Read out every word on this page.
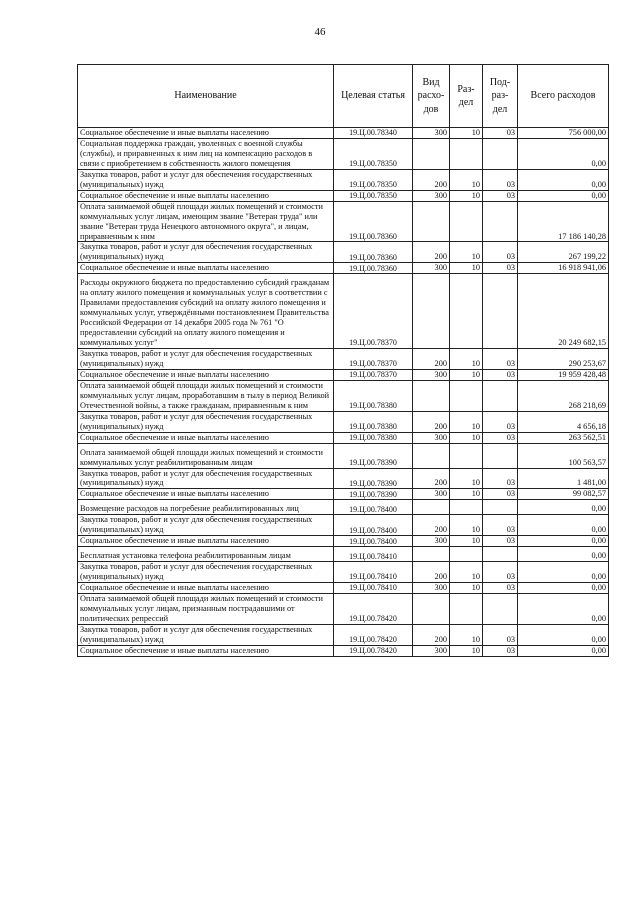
46
Наименование	Целевая статья	Вид расхо-дов	Раз-дел	Под-раз-дел	Всего расходов
Социальное обеспечение и иные выплаты населению	19.Ц.00.78340	300	10	03	756 000,00
Социальная поддержка граждан, уволенных с военной службы (службы), и приравненных к ним лиц на компенсацию расходов в связи с приобретением в собственность жилого помещения	19.Ц.00.78350				0,00
Закупка товаров, работ и услуг для обеспечения государственных (муниципальных) нужд	19.Ц.00.78350	200	10	03	0,00
Социальное обеспечение и иные выплаты населению	19.Ц.00.78350	300	10	03	0,00
Оплата занимаемой общей площади жилых помещений и стоимости коммунальных услуг лицам, имеющим звание "Ветеран труда" или звание "Ветеран труда Ненецкого автономного округа", и лицам, приравненным к ним	19.Ц.00.78360				17 186 140,28
Закупка товаров, работ и услуг для обеспечения государственных (муниципальных) нужд	19.Ц.00.78360	200	10	03	267 199,22
Социальное обеспечение и иные выплаты населению	19.Ц.00.78360	300	10	03	16 918 941,06
Расходы окружного бюджета по предоставлению субсидий гражданам на оплату жилого помещения и коммунальных услуг в соответствии с Правилами предоставления субсидий на оплату жилого помещения и коммунальных услуг, утверждёнными постановлением Правительства Российской Федерации от 14 декабря 2005 года № 761 "О предоставлении субсидий на оплату жилого помещения и коммунальных услуг"	19.Ц.00.78370				20 249 682,15
Закупка товаров, работ и услуг для обеспечения государственных (муниципальных) нужд	19.Ц.00.78370	200	10	03	290 253,67
Социальное обеспечение и иные выплаты населению	19.Ц.00.78370	300	10	03	19 959 428,48
Оплата занимаемой общей площади жилых помещений и стоимости коммунальных услуг лицам, проработавшим в тылу в период Великой Отечественной войны, а также гражданам, приравненным к ним	19.Ц.00.78380				268 218,69
Закупка товаров, работ и услуг для обеспечения государственных (муниципальных) нужд	19.Ц.00.78380	200	10	03	4 656,18
Социальное обеспечение и иные выплаты населению	19.Ц.00.78380	300	10	03	263 562,51
Оплата занимаемой общей площади жилых помещений и стоимости коммунальных услуг реабилитированным лицам	19.Ц.00.78390				100 563,57
Закупка товаров, работ и услуг для обеспечения государственных (муниципальных) нужд	19.Ц.00.78390	200	10	03	1 481,00
Социальное обеспечение и иные выплаты населению	19.Ц.00.78390	300	10	03	99 082,57
Возмещение расходов на погребение реабилитированных лиц	19.Ц.00.78400				0,00
Закупка товаров, работ и услуг для обеспечения государственных (муниципальных) нужд	19.Ц.00.78400	200	10	03	0,00
Социальное обеспечение и иные выплаты населению	19.Ц.00.78400	300	10	03	0,00
Бесплатная установка телефона реабилитированным лицам	19.Ц.00.78410				0,00
Закупка товаров, работ и услуг для обеспечения государственных (муниципальных) нужд	19.Ц.00.78410	200	10	03	0,00
Социальное обеспечение и иные выплаты населению	19.Ц.00.78410	300	10	03	0,00
Оплата занимаемой общей площади жилых помещений и стоимости коммунальных услуг лицам, признанным пострадавшими от политических репрессий	19.Ц.00.78420				0,00
Закупка товаров, работ и услуг для обеспечения государственных (муниципальных) нужд	19.Ц.00.78420	200	10	03	0,00
Социальное обеспечение и иные выплаты населению	19.Ц.00.78420	300	10	03	0,00
